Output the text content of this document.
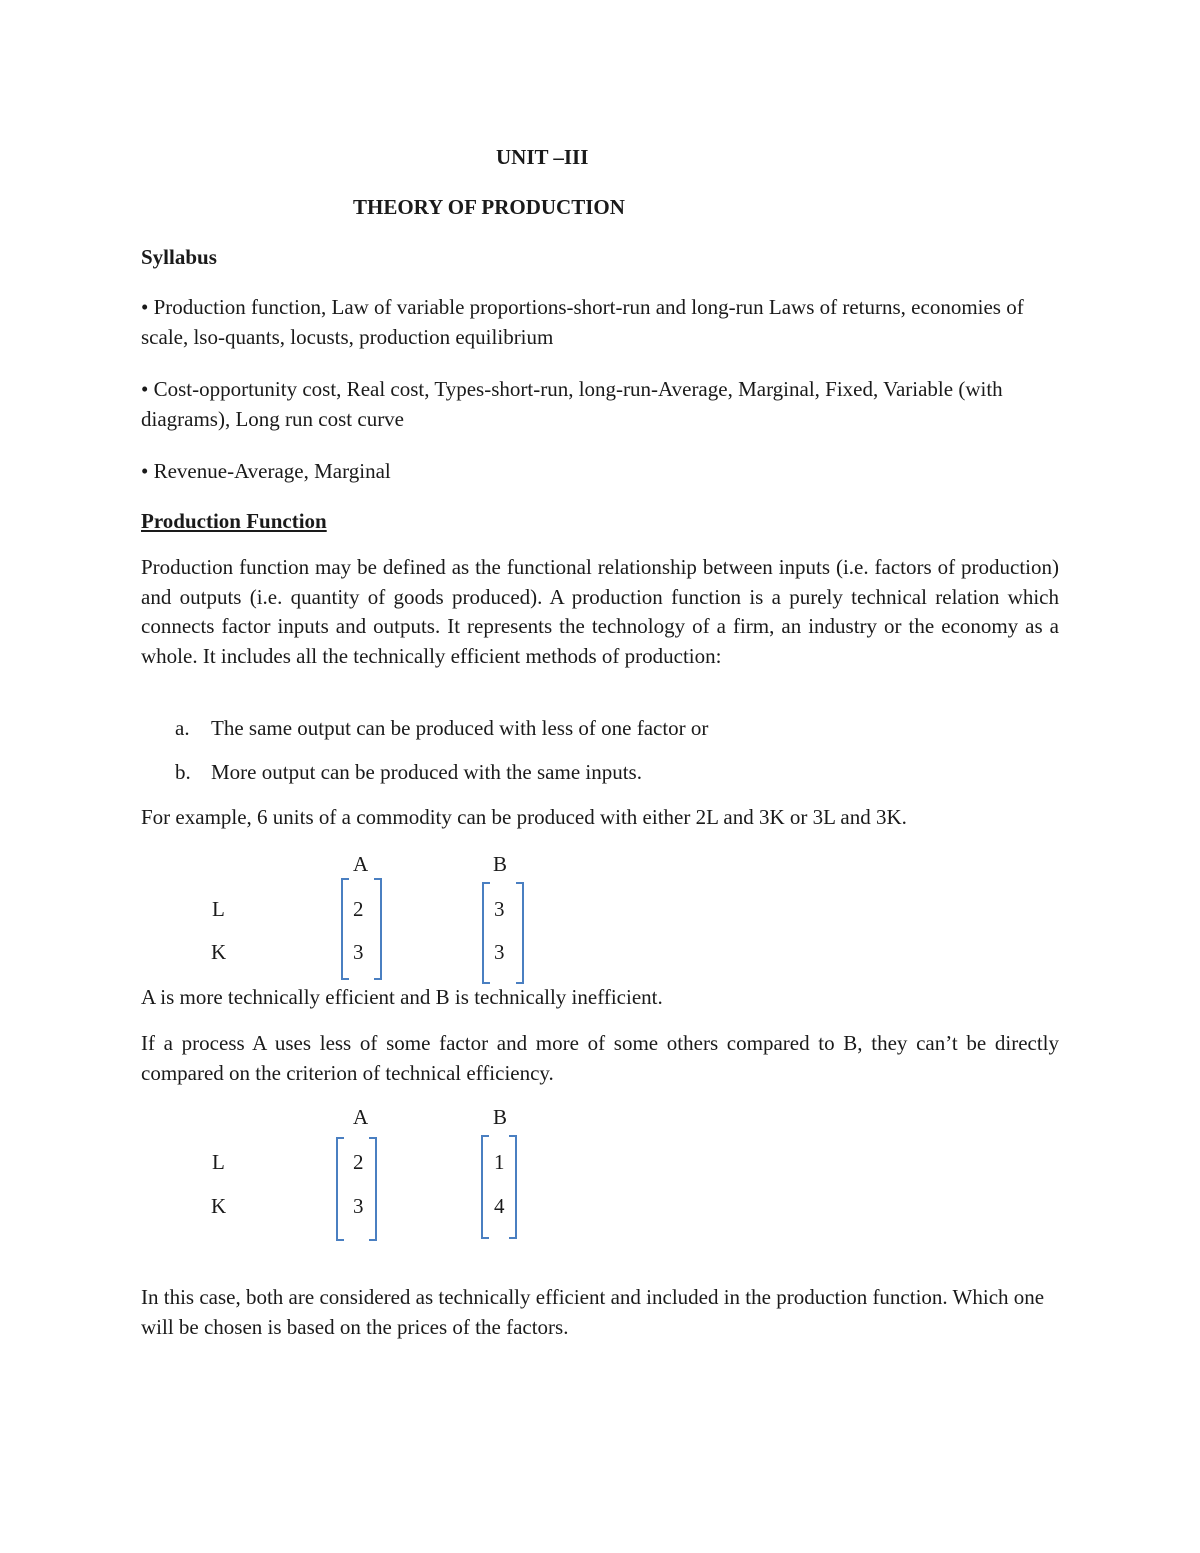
UNIT –III
THEORY OF PRODUCTION
Syllabus
• Production function, Law of variable proportions-short-run and long-run Laws of returns, economies of scale, lso-quants, locusts, production equilibrium
• Cost-opportunity cost, Real cost, Types-short-run, long-run-Average, Marginal, Fixed, Variable (with diagrams), Long run cost curve
• Revenue-Average, Marginal
Production Function
Production function may be defined as the functional relationship between inputs (i.e. factors of production) and outputs (i.e. quantity of goods produced). A production function is a purely technical relation which connects factor inputs and outputs. It represents the technology of a firm, an industry or the economy as a whole. It includes all the technically efficient methods of production:
a. The same output can be produced with less of one factor or
b. More output can be produced with the same inputs.
For example, 6 units of a commodity can be produced with either 2L and 3K or 3L and 3K.
A	B
L
K
2
3
3
3
A is more technically efficient and B is technically inefficient.
If a process A uses less of some factor and more of some others compared to B, they can’t be directly compared on the criterion of technical efficiency.
A	B
L
K
2
3
1
4
In this case, both are considered as technically efficient and included in the production function. Which one will be chosen is based on the prices of the factors.
